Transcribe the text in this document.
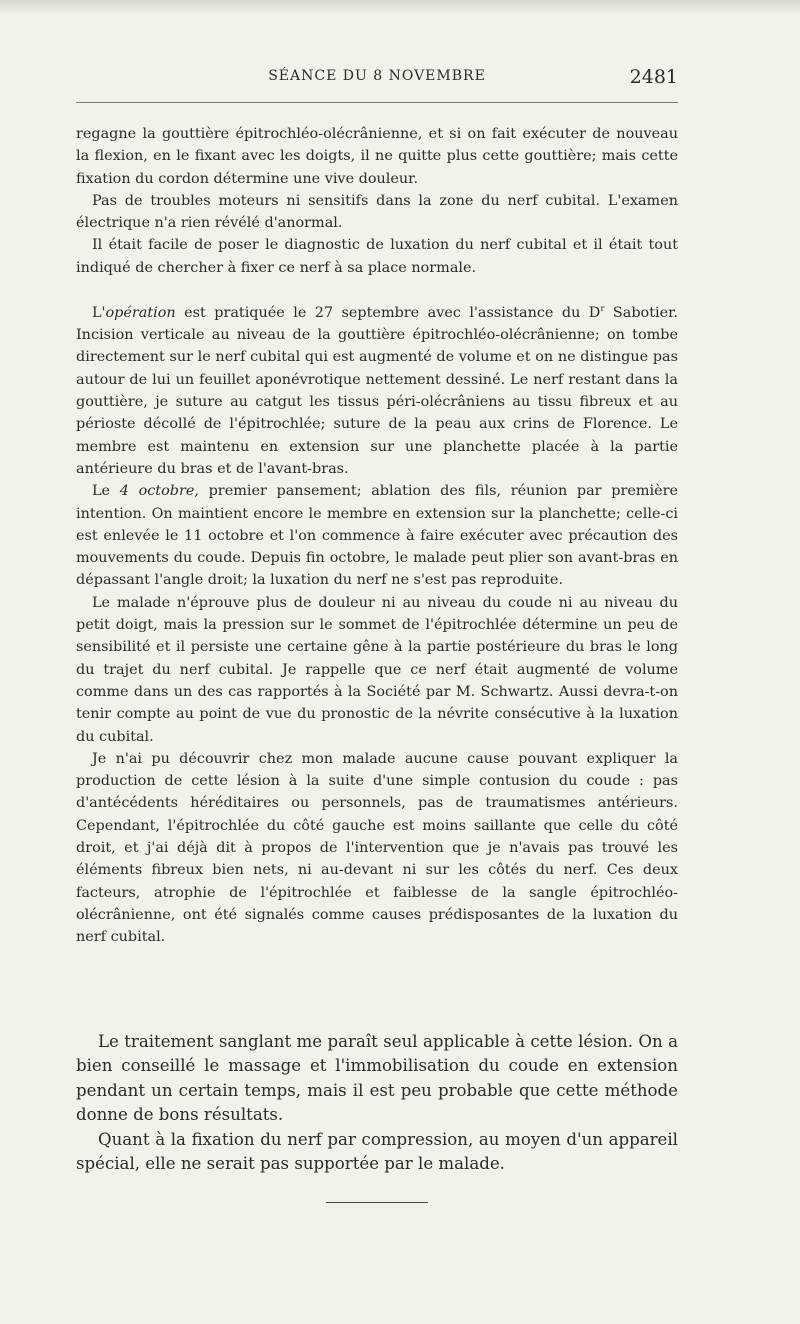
SÉANCE DU 8 NOVEMBRE	2481

regagne la gouttière épitrochléo-olécrânienne, et si on fait exécuter de nouveau la flexion, en le fixant avec les doigts, il ne quitte plus cette gouttière; mais cette fixation du cordon détermine une vive douleur.

Pas de troubles moteurs ni sensitifs dans la zone du nerf cubital. L'examen électrique n'a rien révélé d'anormal.

Il était facile de poser le diagnostic de luxation du nerf cubital et il était tout indiqué de chercher à fixer ce nerf à sa place normale.

L'opération est pratiquée le 27 septembre avec l'assistance du $D^r$ Sabotier. Incision verticale au niveau de la gouttière épitrochléo-olécrânienne; on tombe directement sur le nerf cubital qui est augmenté de volume et on ne distingue pas autour de lui un feuillet aponévrotique nettement dessiné. Le nerf restant dans la gouttière, je suture au catgut les tissus péri-olécrâniens au tissu fibreux et au périoste décollé de l'épitrochlée; suture de la peau aux crins de Florence. Le membre est maintenu en extension sur une planchette placée à la partie antérieure du bras et de l'avant-bras.

Le 4 octobre, premier pansement; ablation des fils, réunion par première intention. On maintient encore le membre en extension sur la planchette; celle-ci est enlevée le 11 octobre et l'on commence à faire exécuter avec précaution des mouvements du coude. Depuis fin octobre, le malade peut plier son avant-bras en dépassant l'angle droit; la luxation du nerf ne s'est pas reproduite.

Le malade n'éprouve plus de douleur ni au niveau du coude ni au niveau du petit doigt, mais la pression sur le sommet de l'épitrochlée détermine un peu de sensibilité et il persiste une certaine gêne à la partie postérieure du bras le long du trajet du nerf cubital. Je rappelle que ce nerf était augmenté de volume comme dans un des cas rapportés à la Société par M. Schwartz. Aussi devra-t-on tenir compte au point de vue du pronostic de la névrite consécutive à la luxation du cubital.

Je n'ai pu découvrir chez mon malade aucune cause pouvant expliquer la production de cette lésion à la suite d'une simple contusion du coude : pas d'antécédents héréditaires ou personnels, pas de traumatismes antérieurs. Cependant, l'épitrochlée du côté gauche est moins saillante que celle du côté droit, et j'ai déjà dit à propos de l'intervention que je n'avais pas trouvé les éléments fibreux bien nets, ni au-devant ni sur les côtés du nerf. Ces deux facteurs, atrophie de l'épitrochlée et faiblesse de la sangle épitrochléo-olécrânienne, ont été signalés comme causes prédisposantes de la luxation du nerf cubital.

Le traitement sanglant me paraît seul applicable à cette lésion. On a bien conseillé le massage et l'immobilisation du coude en extension pendant un certain temps, mais il est peu probable que cette méthode donne de bons résultats.

Quant à la fixation du nerf par compression, au moyen d'un appareil spécial, elle ne serait pas supportée par le malade.
